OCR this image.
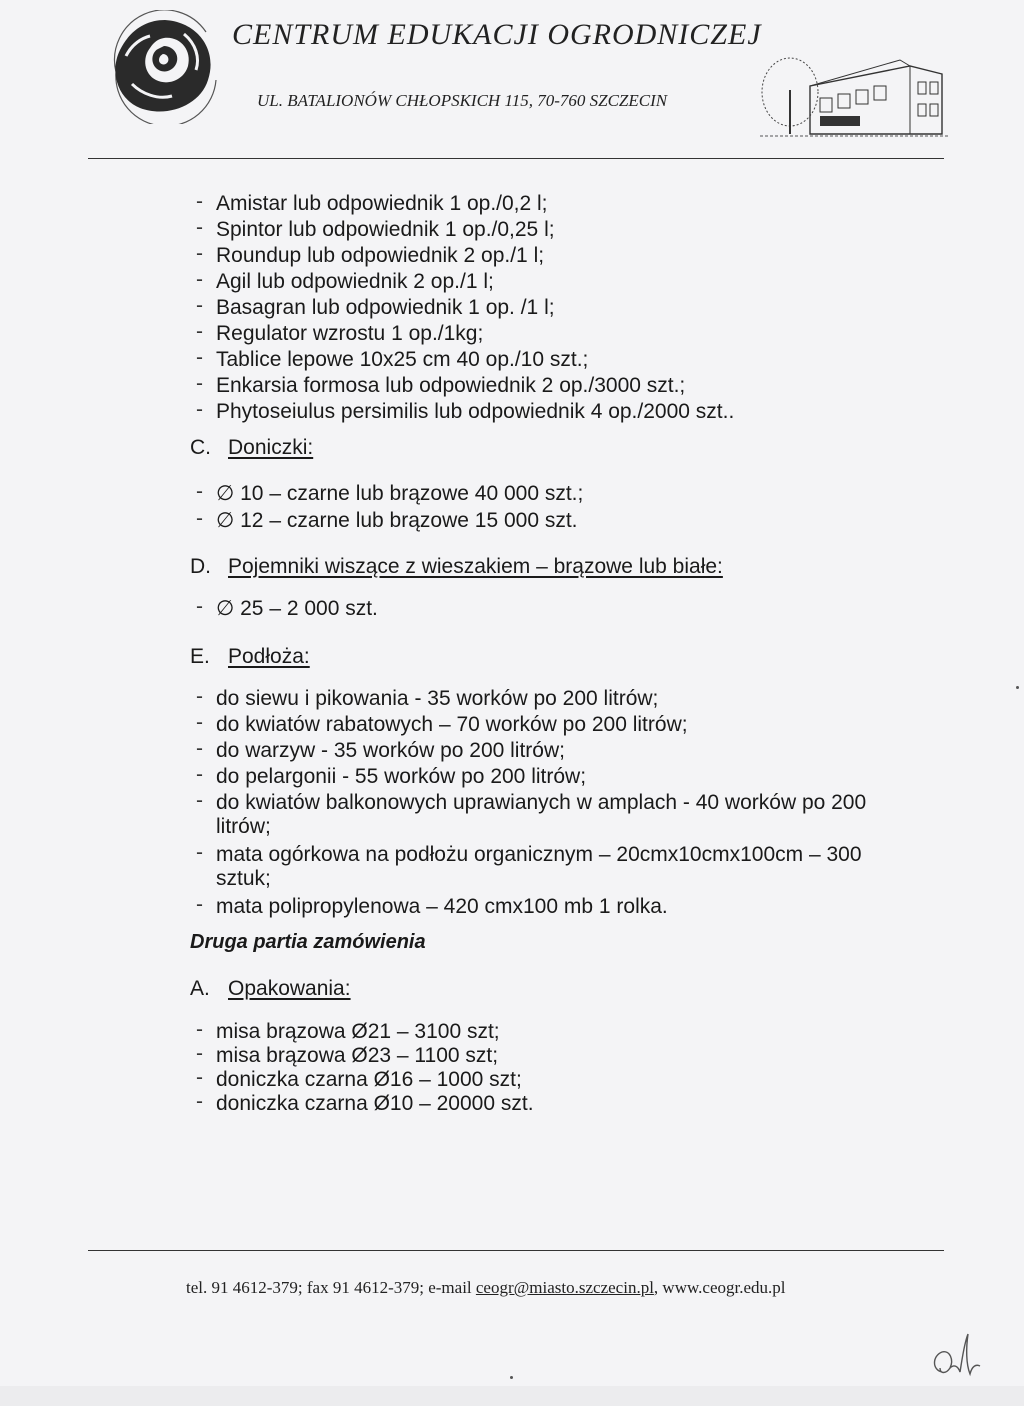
CENTRUM EDUKACJI OGRODNICZEJ
UL. BATALIONÓW CHŁOPSKICH 115, 70-760 SZCZECIN
- Amistar lub odpowiednik 1 op./0,2 l;
- Spintor lub odpowiednik 1 op./0,25 l;
- Roundup lub odpowiednik 2 op./1 l;
- Agil lub odpowiednik 2 op./1 l;
- Basagran lub odpowiednik 1 op. /1 l;
- Regulator wzrostu 1 op./1kg;
- Tablice lepowe 10x25 cm 40 op./10 szt.;
- Enkarsia formosa lub odpowiednik 2 op./3000 szt.;
- Phytoseiulus persimilis lub odpowiednik 4 op./2000 szt..
C. Doniczki:
- ∅ 10 – czarne lub brązowe 40 000 szt.;
- ∅ 12 – czarne lub brązowe 15 000 szt.
D. Pojemniki wiszące z wieszakiem – brązowe lub białe:
- ∅ 25 – 2 000 szt.
E. Podłoża:
- do siewu i pikowania - 35 worków po 200 litrów;
- do kwiatów rabatowych – 70 worków po 200 litrów;
- do warzyw - 35 worków po 200 litrów;
- do pelargonii - 55 worków po 200 litrów;
- do kwiatów balkonowych uprawianych w amplach - 40 worków po 200
litrów;
- mata ogórkowa na podłożu organicznym – 20cmx10cmx100cm – 300
sztuk;
- mata polipropylenowa – 420 cmx100 mb 1 rolka.
Druga partia zamówienia
A. Opakowania:
- misa brązowa Ø21 – 3100 szt;
- misa brązowa Ø23 – 1100 szt;
- doniczka czarna Ø16 – 1000 szt;
- doniczka czarna Ø10 – 20000 szt.
tel. 91 4612-379; fax 91 4612-379; e-mail ceogr@miasto.szczecin.pl, www.ceogr.edu.pl
